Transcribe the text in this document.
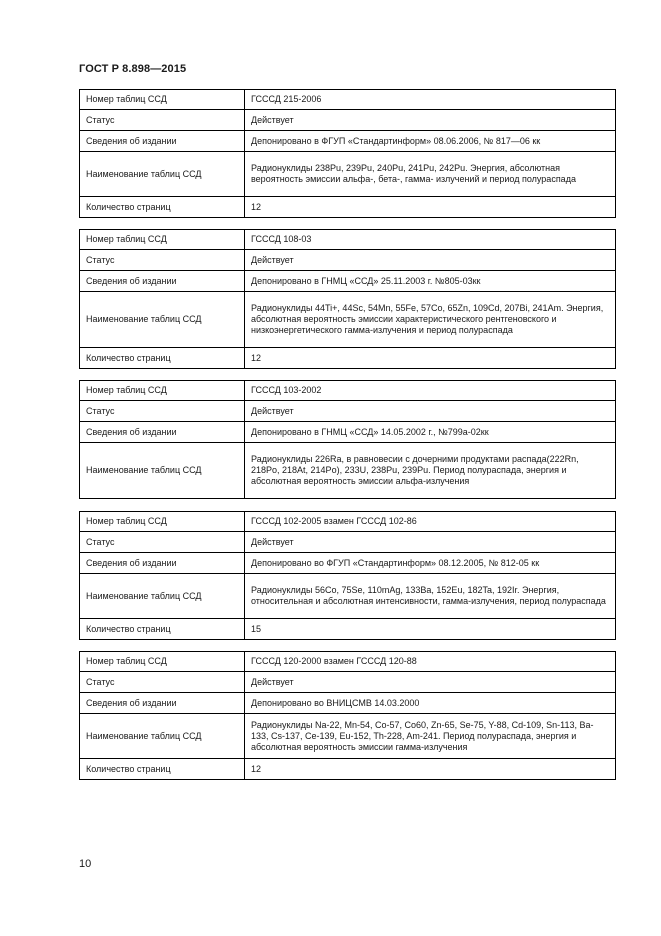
ГОСТ Р 8.898—2015
Номер таблиц ССД	ГСССД 215-2006
Статус	Действует
Сведения об издании	Депонировано в ФГУП «Стандартинформ» 08.06.2006, № 817—06 кк
Наименование таблиц ССД	Радионуклиды 238Pu, 239Pu, 240Pu, 241Pu, 242Pu. Энергия, абсолютная вероятность эмиссии альфа-, бета-, гамма- излучений и период полураспада
Количество страниц	12
Номер таблиц ССД	ГСССД 108-03
Статус	Действует
Сведения об издании	Депонировано в ГНМЦ «ССД» 25.11.2003 г. №805-03кк
Наименование таблиц ССД	Радионуклиды 44Ti+, 44Sc, 54Mn, 55Fe, 57Co, 65Zn, 109Cd, 207Bi, 241Am. Энергия, абсолютная вероятность эмиссии характеристического рентгеновского и низкоэнергетического гамма-излучения и период полураспада
Количество страниц	12
Номер таблиц ССД	ГСССД 103-2002
Статус	Действует
Сведения об издании	Депонировано в ГНМЦ «ССД» 14.05.2002 г., №799а-02кк
Наименование таблиц ССД	Радионуклиды 226Ra, в равновесии с дочерними продуктами распада(222Rn, 218Po, 218At, 214Po), 233U, 238Pu, 239Pu. Период полураспада, энергия и абсолютная вероятность эмиссии альфа-излучения
Номер таблиц ССД	ГСССД 102-2005 взамен ГСССД 102-86
Статус	Действует
Сведения об издании	Депонировано во ФГУП «Стандартинформ» 08.12.2005, № 812-05 кк
Наименование таблиц ССД	Радионуклиды 56Co, 75Se, 110mAg, 133Ba, 152Eu, 182Ta, 192Ir. Энергия, относительная и абсолютная интенсивности, гамма-излучения, период полураспада
Количество страниц	15
Номер таблиц ССД	ГСССД 120-2000 взамен ГСССД 120-88
Статус	Действует
Сведения об издании	Депонировано во ВНИЦСМВ 14.03.2000
Наименование таблиц ССД	Радионуклиды Na-22, Mn-54, Co-57, Co60, Zn-65, Se-75, Y-88, Cd-109, Sn-113, Ba-133, Cs-137, Ce-139, Eu-152, Th-228, Am-241. Период полураспада, энергия и абсолютная вероятность эмиссии гамма-излучения
Количество страниц	12
10
